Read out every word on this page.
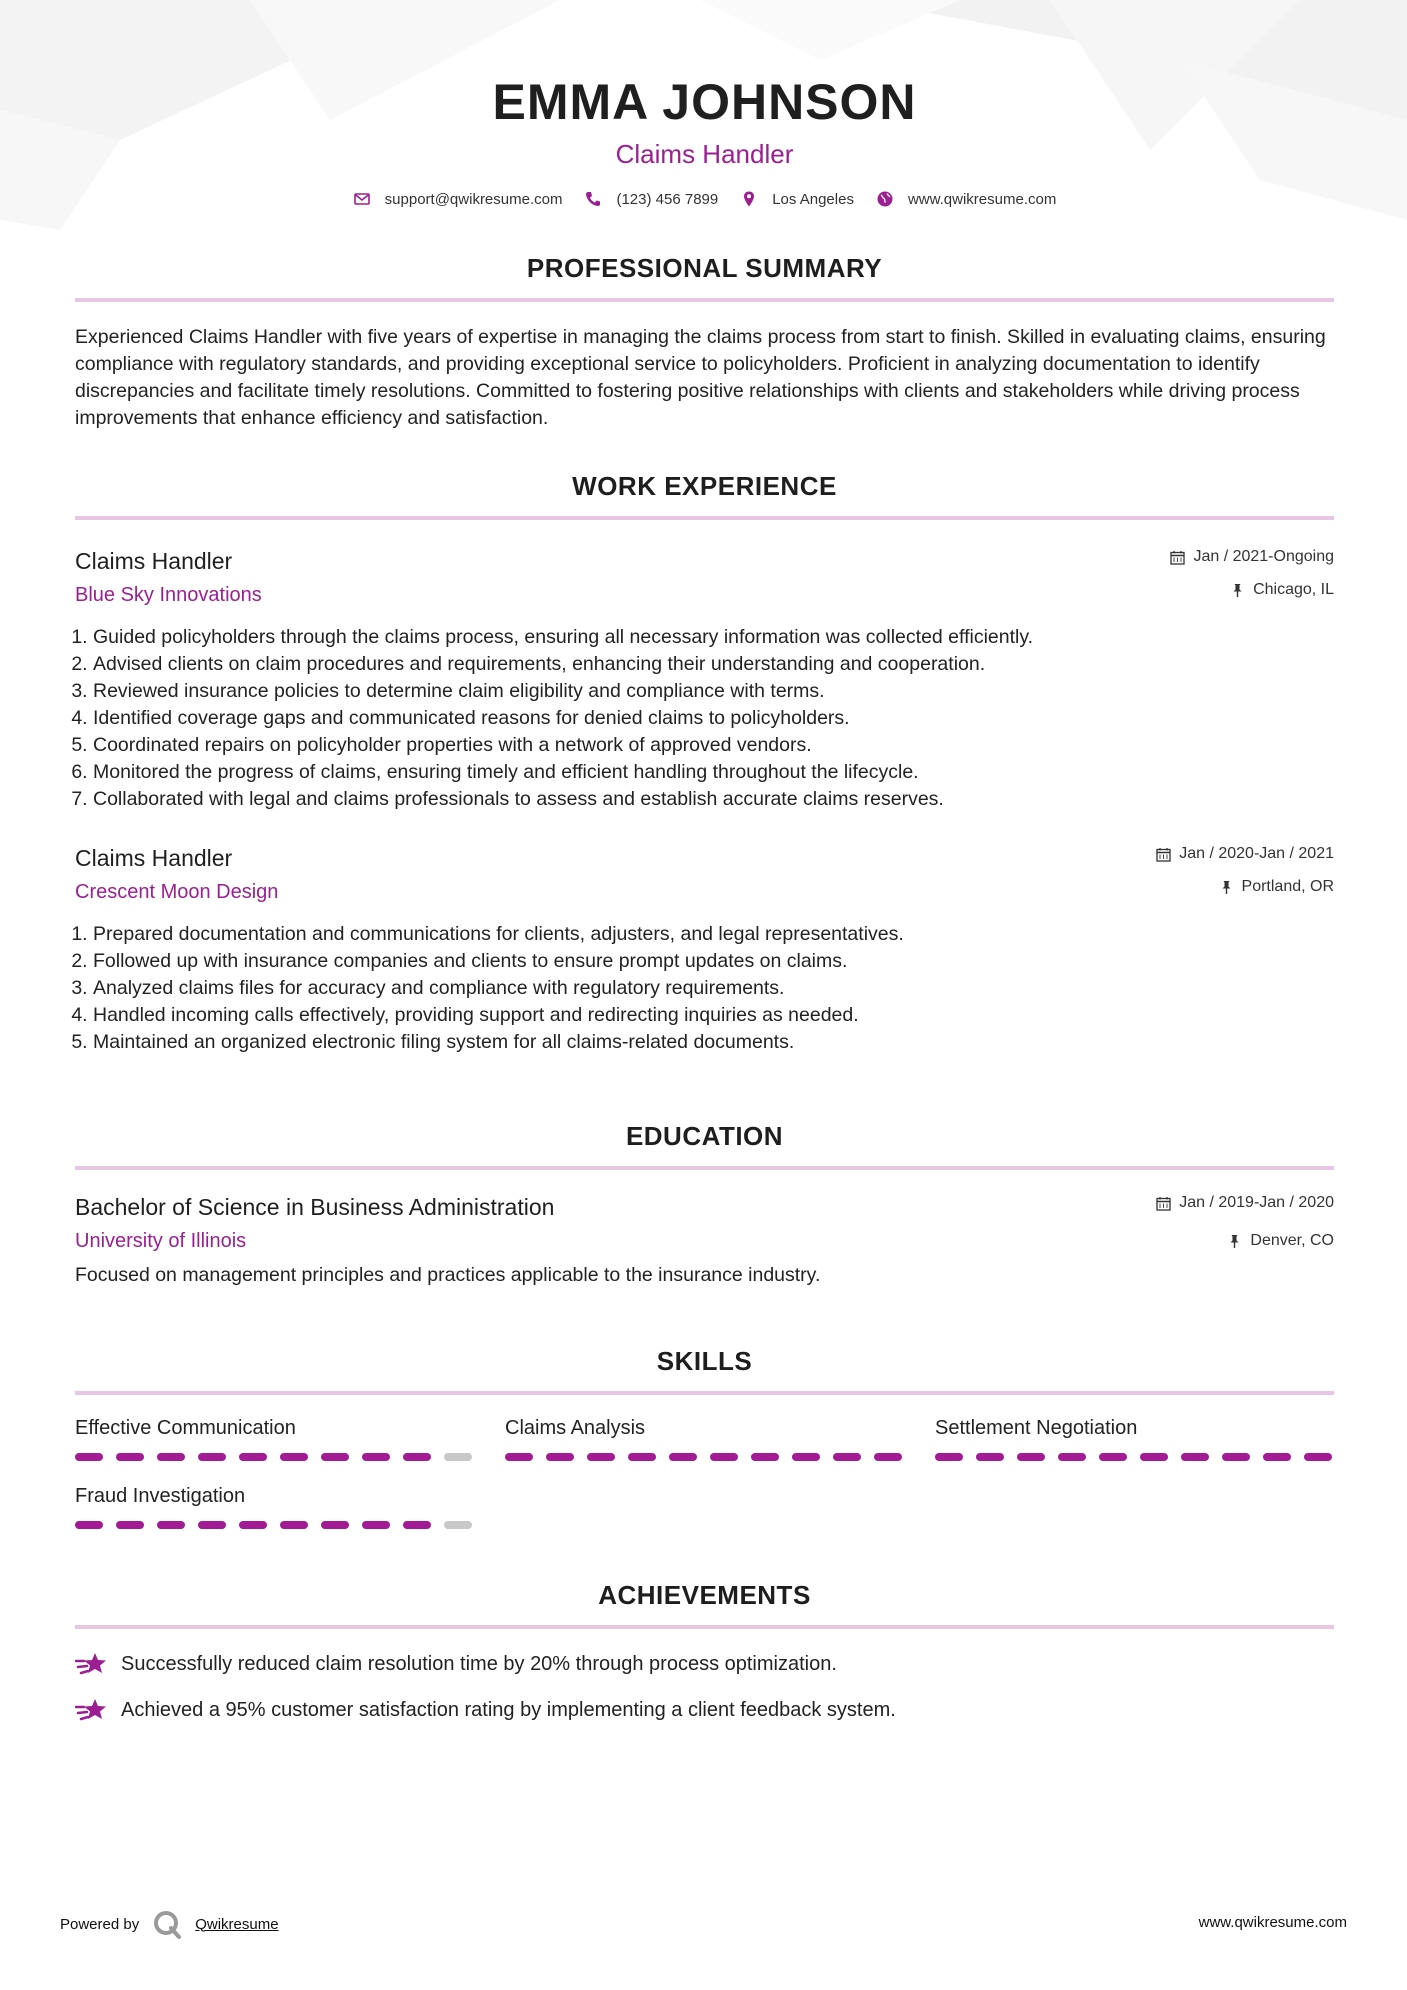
EMMA JOHNSON
Claims Handler
support@qwikresume.com	(123) 456 7899	Los Angeles	www.qwikresume.com
PROFESSIONAL SUMMARY
Experienced Claims Handler with five years of expertise in managing the claims process from start to finish. Skilled in evaluating claims, ensuring compliance with regulatory standards, and providing exceptional service to policyholders. Proficient in analyzing documentation to identify discrepancies and facilitate timely resolutions. Committed to fostering positive relationships with clients and stakeholders while driving process improvements that enhance efficiency and satisfaction.
WORK EXPERIENCE
Claims Handler
Blue Sky Innovations
Jan / 2021-Ongoing
Chicago, IL
1. Guided policyholders through the claims process, ensuring all necessary information was collected efficiently.
2. Advised clients on claim procedures and requirements, enhancing their understanding and cooperation.
3. Reviewed insurance policies to determine claim eligibility and compliance with terms.
4. Identified coverage gaps and communicated reasons for denied claims to policyholders.
5. Coordinated repairs on policyholder properties with a network of approved vendors.
6. Monitored the progress of claims, ensuring timely and efficient handling throughout the lifecycle.
7. Collaborated with legal and claims professionals to assess and establish accurate claims reserves.
Claims Handler
Crescent Moon Design
Jan / 2020-Jan / 2021
Portland, OR
1. Prepared documentation and communications for clients, adjusters, and legal representatives.
2. Followed up with insurance companies and clients to ensure prompt updates on claims.
3. Analyzed claims files for accuracy and compliance with regulatory requirements.
4. Handled incoming calls effectively, providing support and redirecting inquiries as needed.
5. Maintained an organized electronic filing system for all claims-related documents.
EDUCATION
Bachelor of Science in Business Administration
University of Illinois
Jan / 2019-Jan / 2020
Denver, CO
Focused on management principles and practices applicable to the insurance industry.
SKILLS
Effective Communication	Claims Analysis	Settlement Negotiation
Fraud Investigation
ACHIEVEMENTS
Successfully reduced claim resolution time by 20% through process optimization.
Achieved a 95% customer satisfaction rating by implementing a client feedback system.
Powered by	Qwikresume	www.qwikresume.com
